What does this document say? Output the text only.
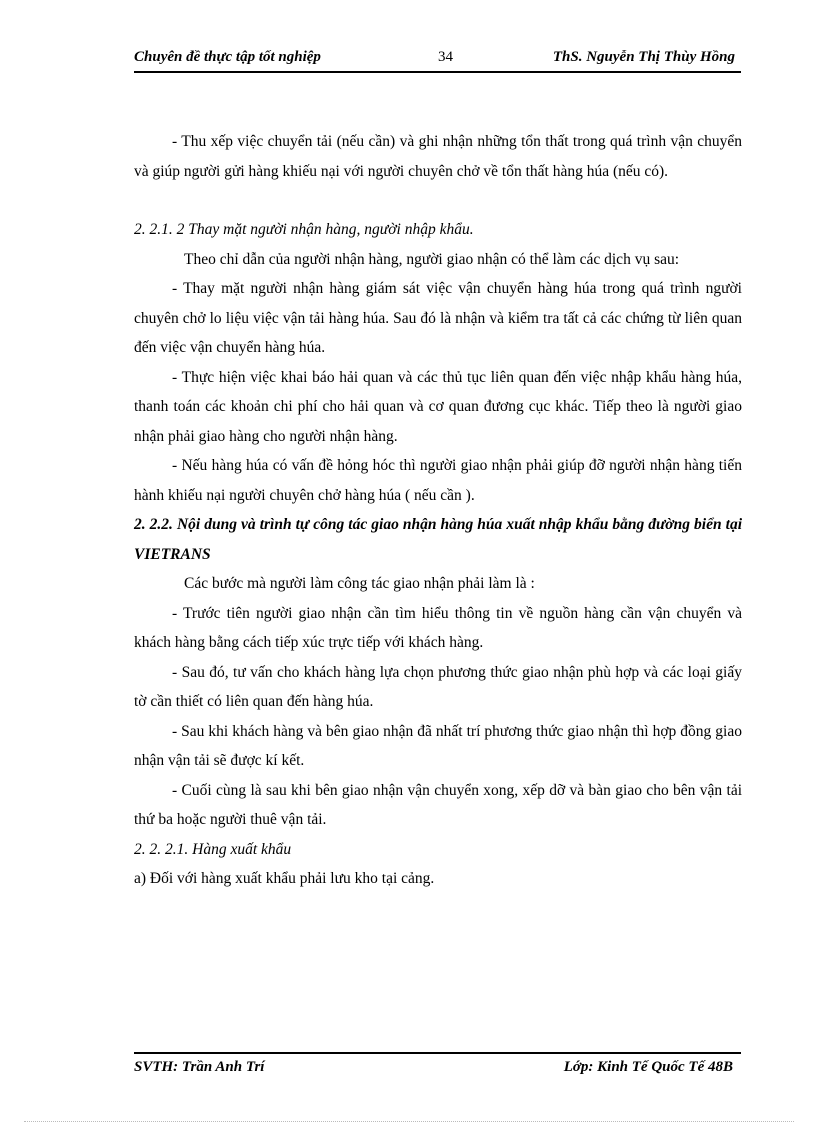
Chuyên đề thực tập tốt nghiệp	34	ThS. Nguyễn Thị Thùy Hồng

- Thu xếp việc chuyển tải (nếu cần) và ghi nhận những tổn thất trong quá trình vận chuyển và giúp người gửi hàng khiếu nại với người chuyên chở về tổn thất hàng húa (nếu có).

2. 2.1. 2 Thay mặt người nhận hàng, người nhập khẩu.

Theo chỉ dẫn của người nhận hàng, người giao nhận có thể làm các dịch vụ sau:

- Thay mặt người nhận hàng giám sát việc vận chuyển hàng húa trong quá trình người chuyên chở lo liệu việc vận tải hàng húa. Sau đó là nhận và kiểm tra tất cả các chứng từ liên quan đến việc vận chuyển hàng húa.

- Thực hiện việc khai báo hải quan và các thủ tục liên quan đến việc nhập khẩu hàng húa, thanh toán các khoản chi phí cho hải quan và cơ quan đương cục khác. Tiếp theo là người giao nhận phải giao hàng cho người nhận hàng.

- Nếu hàng húa có vấn đề hỏng hóc thì người giao nhận phải giúp đỡ người nhận hàng tiến hành khiếu nại người chuyên chở hàng húa ( nếu cần ).

2. 2.2. Nội dung và trình tự công tác giao nhận hàng húa xuất nhập khẩu bằng đường biển tại VIETRANS

Các bước mà người làm công tác giao nhận phải làm là :

- Trước tiên người giao nhận cần tìm hiểu thông tin về nguồn hàng cần vận chuyển và khách hàng bằng cách tiếp xúc trực tiếp với khách hàng.

- Sau đó, tư vấn cho khách hàng lựa chọn phương thức giao nhận phù hợp và các loại giấy tờ cần thiết có liên quan đến hàng húa.

- Sau khi khách hàng và bên giao nhận đã nhất trí phương thức giao nhận thì hợp đồng giao nhận vận tải sẽ được kí kết.

- Cuối cùng là sau khi bên giao nhận vận chuyển xong, xếp dỡ và bàn giao cho bên vận tải thứ ba hoặc người thuê vận tải.

2. 2. 2.1. Hàng xuất khẩu

a) Đối với hàng xuất khẩu phải lưu kho tại cảng.

SVTH: Trần Anh Trí	Lớp: Kinh Tế Quốc Tế 48B
